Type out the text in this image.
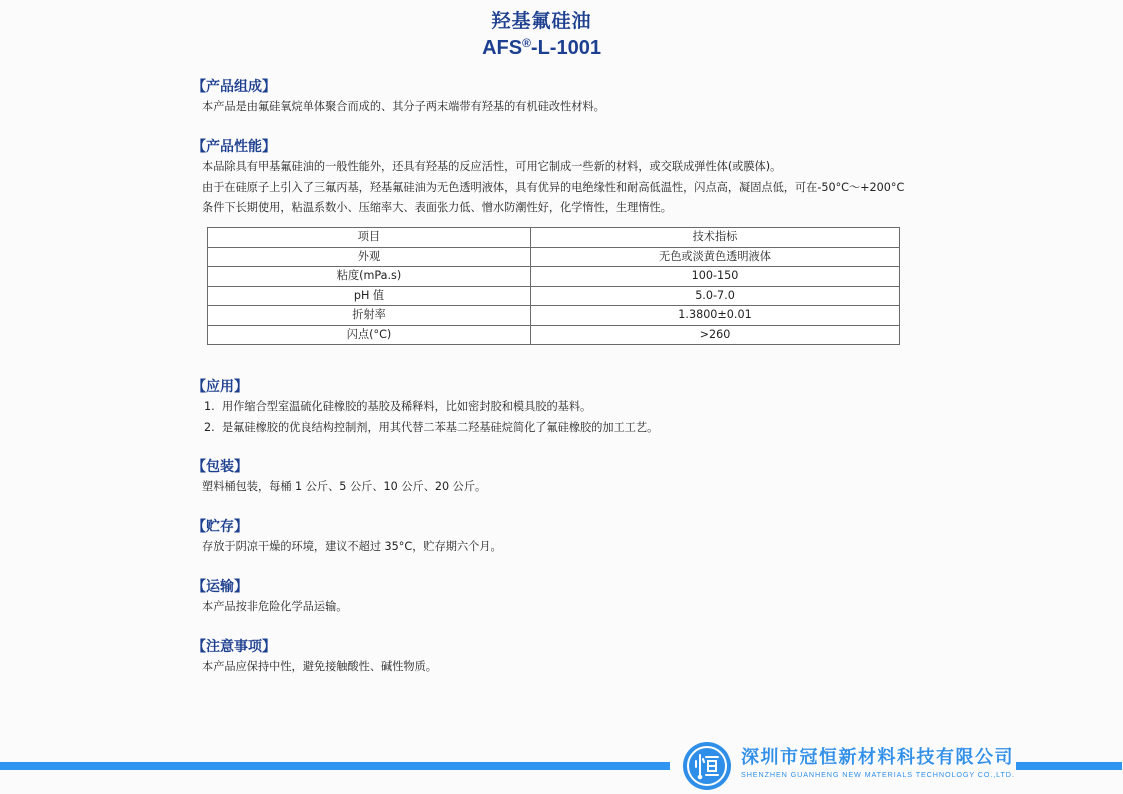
羟基氟硅油
AFS®-L-1001
【产品组成】
本产品是由氟硅氧烷单体聚合而成的、其分子两末端带有羟基的有机硅改性材料。
【产品性能】
本品除具有甲基氟硅油的一般性能外，还具有羟基的反应活性，可用它制成一些新的材料，或交联成弹性体(或膜体)。
由于在硅原子上引入了三氟丙基，羟基氟硅油为无色透明液体，具有优异的电绝缘性和耐高低温性，闪点高，凝固点低，可在-50°C～+200°C
条件下长期使用，粘温系数小、压缩率大、表面张力低、憎水防潮性好，化学惰性，生理惰性。
项目	技术指标
外观	无色或淡黄色透明液体
粘度(mPa.s)	100-150
pH 值	5.0-7.0
折射率	1.3800±0.01
闪点(°C)	>260
【应用】
1. 用作缩合型室温硫化硅橡胶的基胶及稀释料，比如密封胶和模具胶的基料。
2. 是氟硅橡胶的优良结构控制剂，用其代替二苯基二羟基硅烷简化了氟硅橡胶的加工工艺。
【包装】
塑料桶包装，每桶 1 公斤、5 公斤、10 公斤、20 公斤。
【贮存】
存放于阴凉干燥的环境，建议不超过 35°C，贮存期六个月。
【运输】
本产品按非危险化学品运输。
【注意事项】
本产品应保持中性，避免接触酸性、碱性物质。
深圳市冠恒新材料科技有限公司
SHENZHEN GUANHENG NEW MATERIALS TECHNOLOGY CO.,LTD.
